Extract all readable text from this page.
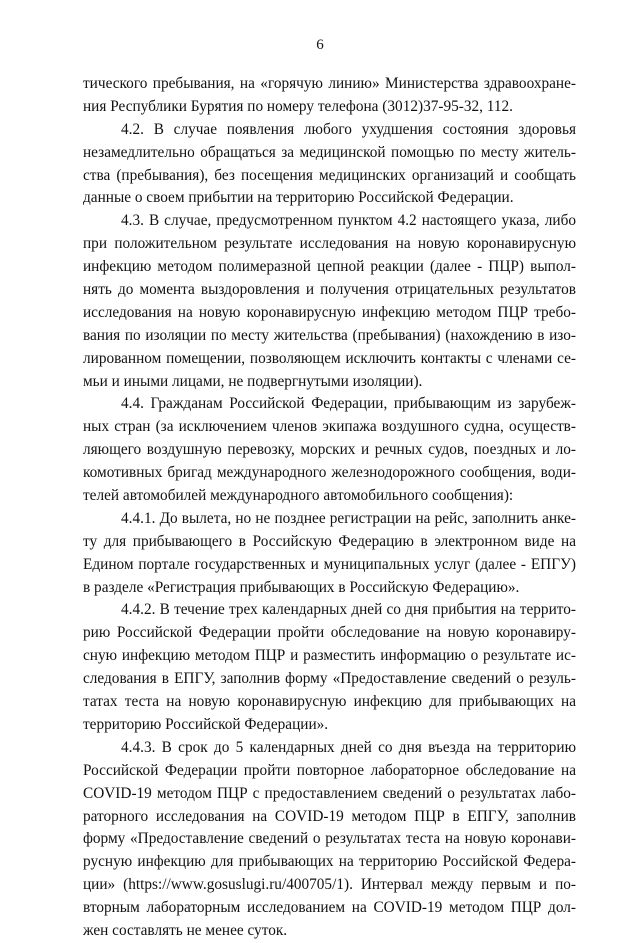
6
тического пребывания, на «горячую линию» Министерства здравоохране-
ния Республики Бурятия по номеру телефона (3012)37-95-32, 112.
4.2. В случае появления любого ухудшения состояния здоровья
незамедлительно обращаться за медицинской помощью по месту житель-
ства (пребывания), без посещения медицинских организаций и сообщать
данные о своем прибытии на территорию Российской Федерации.
4.3. В случае, предусмотренном пунктом 4.2 настоящего указа, либо
при положительном результате исследования на новую коронавирусную
инфекцию методом полимеразной цепной реакции (далее - ПЦР) выпол-
нять до момента выздоровления и получения отрицательных результатов
исследования на новую коронавирусную инфекцию методом ПЦР требо-
вания по изоляции по месту жительства (пребывания) (нахождению в изо-
лированном помещении, позволяющем исключить контакты с членами се-
мьи и иными лицами, не подвергнутыми изоляции).
4.4. Гражданам Российской Федерации, прибывающим из зарубеж-
ных стран (за исключением членов экипажа воздушного судна, осуществ-
ляющего воздушную перевозку, морских и речных судов, поездных и ло-
комотивных бригад международного железнодорожного сообщения, води-
телей автомобилей международного автомобильного сообщения):
4.4.1. До вылета, но не позднее регистрации на рейс, заполнить анке-
ту для прибывающего в Российскую Федерацию в электронном виде на
Едином портале государственных и муниципальных услуг (далее - ЕПГУ)
в разделе «Регистрация прибывающих в Российскую Федерацию».
4.4.2. В течение трех календарных дней со дня прибытия на террито-
рию Российской Федерации пройти обследование на новую коронавиру-
сную инфекцию методом ПЦР и разместить информацию о результате ис-
следования в ЕПГУ, заполнив форму «Предоставление сведений о резуль-
татах теста на новую коронавирусную инфекцию для прибывающих на
территорию Российской Федерации».
4.4.3. В срок до 5 календарных дней со дня въезда на территорию
Российской Федерации пройти повторное лабораторное обследование на
COVID-19 методом ПЦР с предоставлением сведений о результатах лабо-
раторного исследования на COVID-19 методом ПЦР в ЕПГУ, заполнив
форму «Предоставление сведений о результатах теста на новую коронави-
русную инфекцию для прибывающих на территорию Российской Федера-
ции» (https://www.gosuslugi.ru/400705/1). Интервал между первым и по-
вторным лабораторным исследованием на COVID-19 методом ПЦР дол-
жен составлять не менее суток.
